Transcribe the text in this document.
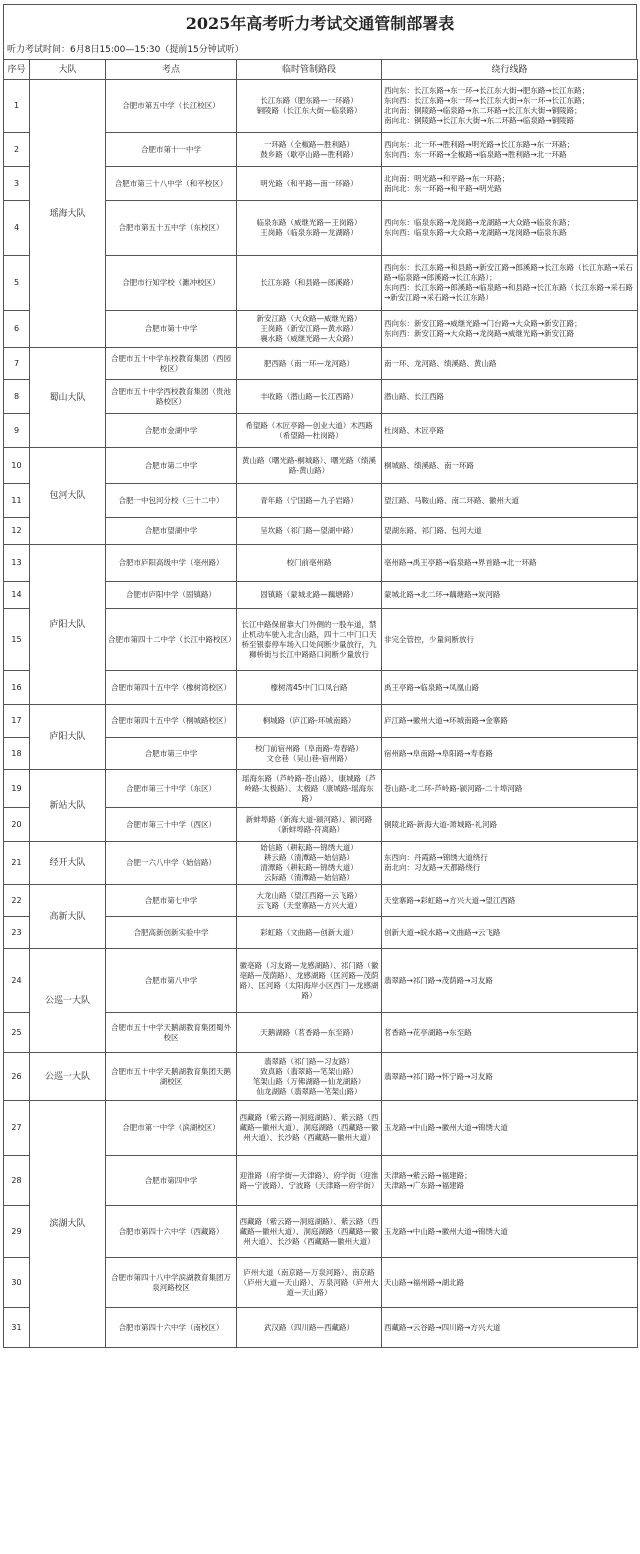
2025年高考听力考试交通管制部署表
听力考试时间：6月8日15:00—15:30（提前15分钟试听）
序号	大队	考点	临时管制路段	绕行线路
1	瑶海大队	合肥市第五中学（长江校区）	长江东路（肥东路—一环路）
铜陵路（长江东大街—临泉路）	西向东：长江东路→东一环→长江东大街→肥东路→长江东路；
东向西：长江东路→东一环→长江东大街→东一环→长江东路；
北向南：铜陵路→临泉路→东二环路→长江东大街→铜陵路；
南向北：铜陵路→长江东大街→东二环路→临泉路→铜陵路

2		合肥市第十一中学	一环路（全椒路—胜利路）
鼓乡路（歇亭山路—胜利路）	西向东：北一环→胜利路→明光路→长江东路→东一环路；
东向西：东一环路→全椒路→临泉路→胜利路→北一环路

3		合肥市第三十八中学（和平校区）	明光路（和平路—南一环路）	北向南：明光路→和平路→东一环路；
南向北：东一环路→和平路→明光路

4		合肥市第五十五中学（东校区）	临泉东路（威继光路—王岗路）
王岗路（临泉东路—龙湖路）	西向东：临泉东路→龙岗路→龙湖路→大众路→临泉东路；
东向西：临泉东路→大众路→龙湖路→龙岗路→临泉东路

5		合肥市行知学校（濉冲校区）	长江东路（和县路—郎溪路）	西向东：长江东路→和县路→新安江路→郎溪路→长江东路（长江东路→采石路→临泉路→郎溪路→长江东路）；
东向西：长江东路→郎溪路→临泉路→和县路→长江东路（长江东路→采石路→新安江路→采石路→长江东路）

6		合肥市第十中学	新安江路（大众路—威继光路）
王岗路（新安江路—黄水路）
襄水路（威继光路—大众路）	西向东：新安江路→威继光路→门台路→大众路→新安江路；
东向西：新安江路→大众路→龙岗路→威继光路→新安江路

7	蜀山大队	合肥市五十中学东校教育集团（西园校区）	肥西路（南一环—龙河路）	南一环、龙河路、绩溪路、黄山路

8		合肥市五十中学西校教育集团（贵池路校区）	丰收路（潜山路—长江西路）	潜山路、长江西路

9		合肥市金湖中学	希望路（木匠亭路—创业大道）木西路（希望路—杜岗路）	杜岗路、木匠亭路

10	包河大队	合肥市第二中学	黄山路（曙光路-桐城路）、曙光路（绩溪路-黄山路）	桐城路、绩溪路、南一环路

11		合肥一中包河分校（三十二中）	青年路（宁国路—九子岩路）	望江路、马鞍山路、南二环路、徽州大道

12		合肥市望湖中学	呈坎路（祁门路—望湖中路）	望湖东路、祁门路、包河大道

13	庐阳大队	合肥市庐阳高级中学（亳州路）	校门前亳州路	亳州路→禹王亭路→临泉路→界首路→北一环路

14		合肥市庐阳中学（固镇路）	固镇路（蒙城北路—藕塘路）	蒙城北路→北二环→藕塘路→炭河路

15		合肥市第四十二中学（长江中路校区）	长江中路保留靠大门外侧的一股车道，禁止机动车驶入北含山路，四十二中门口天桥至银泰停车场入口处间断少量放行，九狮桥街与长江中路路口间断少量放行	非完全管控，少量间断放行

16		合肥市第四十五中学（橡树湾校区）	橡树湾45中门口凤台路	禹王亭路→临泉路→凤凰山路

17	庐阳大队	合肥市第四十五中学（桐城路校区）	桐城路（庐江路-环城南路）	庐江路→徽州大道→环城南路→金寨路

18		合肥市第三中学	校门前宿州路（阜南路-寿春路）
文仓巷（吴山巷-宿州路）	宿州路→阜南路→阜阳路→寿春路

19	新站大队	合肥市第三十中学（东区）	瑶海东路（芦岭路-苍山路）、康城路（芦岭路-太极路）、太极路（康城路-瑶海东路）	苍山路-北二环-芦岭路-颍河路-二十埠河路

20		合肥市第三十中学（西区）	新蚌埠路（新海大道-颍河路）、颍河路（新蚌埠路-符离路）	铜陵北路-新海大道-萧城路-礼河路

21	经开大队	合肥一六八中学（始信路）	始信路（耕耘路—锦绣大道）
耕云路（清潭路—始信路）
清潭路（耕耘路—锦绣大道）
云际路（清潭路—始信路）	东西向：丹霞路→锦绣大道绕行
南北向：习友路→天都路绕行

22	高新大队	合肥市第七中学	大龙山路（望江西路—云飞路）
云飞路（天堂寨路—方兴大道）	天堂寨路→彩虹路→方兴大道→望江西路

23		合肥高新创新实验中学	彩虹路（文曲路—创新大道）	创新大道→皖水路→文曲路→云飞路

24	公巡一大队	合肥市第八中学	徽亳路（习友路—龙感湖路）、祁门路（徽亳路—茂荫路）、龙感湖路（匡河路—茂荫路）、匡河路（太阳海岸小区西门—龙感湖路）	翡翠路→祁门路→茂荫路→习友路

25		合肥市五十中学天鹅湖教育集团蜀外校区	天鹅湖路（茗香路—东至路）	茗香路→花亭湖路→东至路

26	公巡一大队	合肥市五十中学天鹅湖教育集团天鹅湖校区	翡翠路（祁门路—习友路）
致真路（翡翠路—笔架山路）
笔架山路（万佛湖路—仙龙湖路）
仙龙湖路（翡翠路—笔架山路）	翡翠路→祁门路→怀宁路→习友路

27	滨湖大队	合肥市第一中学（滨湖校区）	西藏路（紫云路—洞庭湖路）、紫云路（西藏路—徽州大道）、洞庭湖路（西藏路—徽州大道）、长沙路（西藏路—徽州大道）	玉龙路→中山路→徽州大道→锦绣大道

28		合肥市第四中学	迎淮路（府学街—天津路）、府学街（迎淮路—宁波路）、宁波路（天津路—府学街）	天津路→紫云路→福建路；
天津路→广东路→福建路

29		合肥市第四十六中学（西藏路）	西藏路（紫云路—洞庭湖路）、紫云路（西藏路—徽州大道）、洞庭湖路（西藏路—徽州大道）、长沙路（西藏路—徽州大道）	玉龙路→中山路→徽州大道→锦绣大道

30		合肥市第四十八中学滨湖教育集团万泉河路校区	庐州大道（南京路—万泉河路）、南京路（庐州大道—天山路）、万泉河路（庐州大道—天山路）	天山路→福州路→湖北路

31		合肥市第四十六中学（南校区）	武汉路（四川路—西藏路）	西藏路→云谷路→四川路→方兴大道
